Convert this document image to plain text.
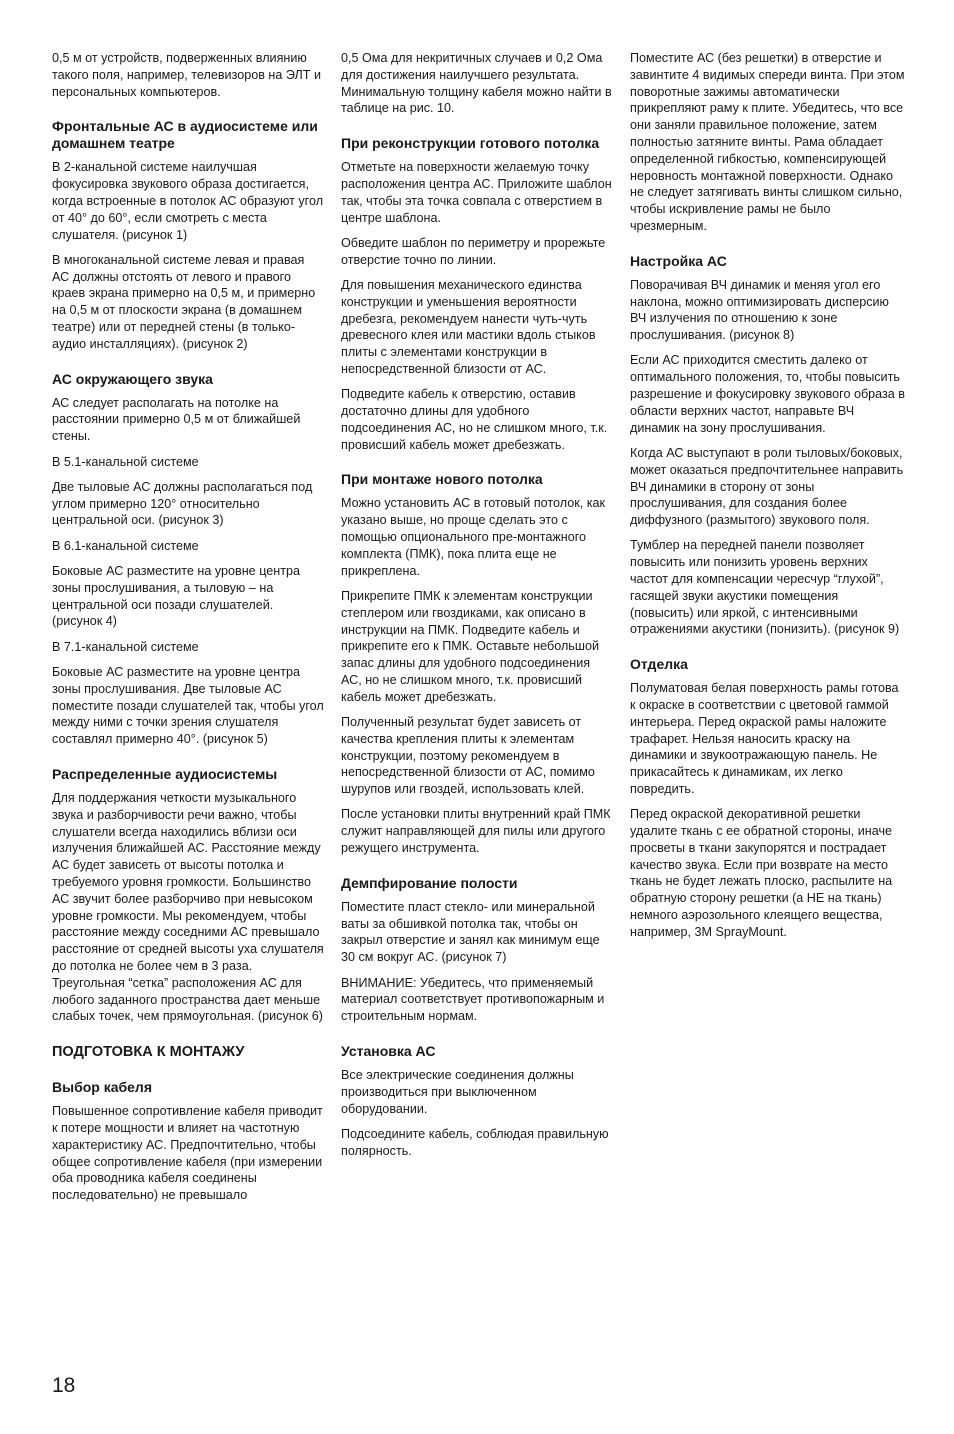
0,5 м от устройств, подверженных влиянию такого поля, например, телевизоров на ЭЛТ и персональных компьютеров.

Фронтальные АС в аудиосистеме или домашнем театре

В 2-канальной системе наилучшая фокусировка звукового образа достигается, когда встроенные в потолок АС образуют угол от 40° до 60°, если смотреть с места слушателя. (рисунок 1)

В многоканальной системе левая и правая АС должны отстоять от левого и правого краев экрана примерно на 0,5 м, и примерно на 0,5 м от плоскости экрана (в домашнем театре) или от передней стены (в только-аудио инсталляциях). (рисунок 2)

АС окружающего звука

АС следует располагать на потолке на расстоянии примерно 0,5 м от ближайшей стены.

В 5.1-канальной системе

Две тыловые АС должны располагаться под углом примерно 120° относительно центральной оси. (рисунок 3)

В 6.1-канальной системе

Боковые АС разместите на уровне центра зоны прослушивания, а тыловую – на центральной оси позади слушателей. (рисунок 4)

В 7.1-канальной системе

Боковые АС разместите на уровне центра зоны прослушивания. Две тыловые АС поместите позади слушателей так, чтобы угол между ними с точки зрения слушателя составлял примерно 40°. (рисунок 5)

Распределенные аудиосистемы

Для поддержания четкости музыкального звука и разборчивости речи важно, чтобы слушатели всегда находились вблизи оси излучения ближайшей АС. Расстояние между АС будет зависеть от высоты потолка и требуемого уровня громкости. Большинство АС звучит более разборчиво при невысоком уровне громкости. Мы рекомендуем, чтобы расстояние между соседними АС превышало расстояние от средней высоты уха слушателя до потолка не более чем в 3 раза. Треугольная “сетка” расположения АС для любого заданного пространства дает меньше слабых точек, чем прямоугольная. (рисунок 6)

ПОДГОТОВКА К МОНТАЖУ
Выбор кабеля

Повышенное сопротивление кабеля приводит к потере мощности и влияет на частотную характеристику АС. Предпочтительно, чтобы общее сопротивление кабеля (при измерении оба проводника кабеля соединены последовательно) не превышало

0,5 Ома для некритичных случаев и 0,2 Ома для достижения наилучшего результата. Минимальную толщину кабеля можно найти в таблице на рис. 10.

При реконструкции готового потолка

Отметьте на поверхности желаемую точку расположения центра АС. Приложите шаблон так, чтобы эта точка совпала с отверстием в центре шаблона.

Обведите шаблон по периметру и прорежьте отверстие точно по линии.

Для повышения механического единства конструкции и уменьшения вероятности дребезга, рекомендуем нанести чуть-чуть древесного клея или мастики вдоль стыков плиты с элементами конструкции в непосредственной близости от АС.

Подведите кабель к отверстию, оставив достаточно длины для удобного подсоединения АС, но не слишком много, т.к. провисший кабель может дребезжать.

При монтаже нового потолка

Можно установить АС в готовый потолок, как указано выше, но проще сделать это с помощью опционального пре-монтажного комплекта (ПМК), пока плита еще не прикреплена.

Прикрепите ПМК к элементам конструкции степлером или гвоздиками, как описано в инструкции на ПМК. Подведите кабель и прикрепите его к ПМК. Оставьте небольшой запас длины для удобного подсоединения АС, но не слишком много, т.к. провисший кабель может дребезжать.

Полученный результат будет зависеть от качества крепления плиты к элементам конструкции, поэтому рекомендуем в непосредственной близости от АС, помимо шурупов или гвоздей, использовать клей.

После установки плиты внутренний край ПМК служит направляющей для пилы или другого режущего инструмента.

Демпфирование полости

Поместите пласт стекло- или минеральной ваты за обшивкой потолка так, чтобы он закрыл отверстие и занял как минимум еще 30 см вокруг АС. (рисунок 7)

ВНИМАНИЕ: Убедитесь, что применяемый материал соответствует противопожарным и строительным нормам.

Установка АС

Все электрические соединения должны производиться при выключенном оборудовании.

Подсоедините кабель, соблюдая правильную полярность.

Поместите АС (без решетки) в отверстие и завинтите 4 видимых спереди винта. При этом поворотные зажимы автоматически прикрепляют раму к плите. Убедитесь, что все они заняли правильное положение, затем полностью затяните винты. Рама обладает определенной гибкостью, компенсирующей неровность монтажной поверхности. Однако не следует затягивать винты слишком сильно, чтобы искривление рамы не было чрезмерным.

Настройка АС

Поворачивая ВЧ динамик и меняя угол его наклона, можно оптимизировать дисперсию ВЧ излучения по отношению к зоне прослушивания. (рисунок 8)

Если АС приходится сместить далеко от оптимального положения, то, чтобы повысить разрешение и фокусировку звукового образа в области верхних частот, направьте ВЧ динамик на зону прослушивания.

Когда АС выступают в роли тыловых/боковых, может оказаться предпочтительнее направить ВЧ динамики в сторону от зоны прослушивания, для создания более диффузного (размытого) звукового поля.

Тумблер на передней панели позволяет повысить или понизить уровень верхних частот для компенсации чересчур “глухой”, гасящей звуки акустики помещения (повысить) или яркой, с интенсивными отражениями акустики (понизить). (рисунок 9)

Отделка

Полуматовая белая поверхность рамы готова к окраске в соответствии с цветовой гаммой интерьера. Перед окраской рамы наложите трафарет. Нельзя наносить краску на динамики и звукоотражающую панель. Не прикасайтесь к динамикам, их легко повредить.

Перед окраской декоративной решетки удалите ткань с ее обратной стороны, иначе просветы в ткани закупорятся и пострадает качество звука. Если при возврате на место ткань не будет лежать плоско, распылите на обратную сторону решетки (а НЕ на ткань) немного аэрозольного клеящего вещества, например, 3M SprayMount.

18
